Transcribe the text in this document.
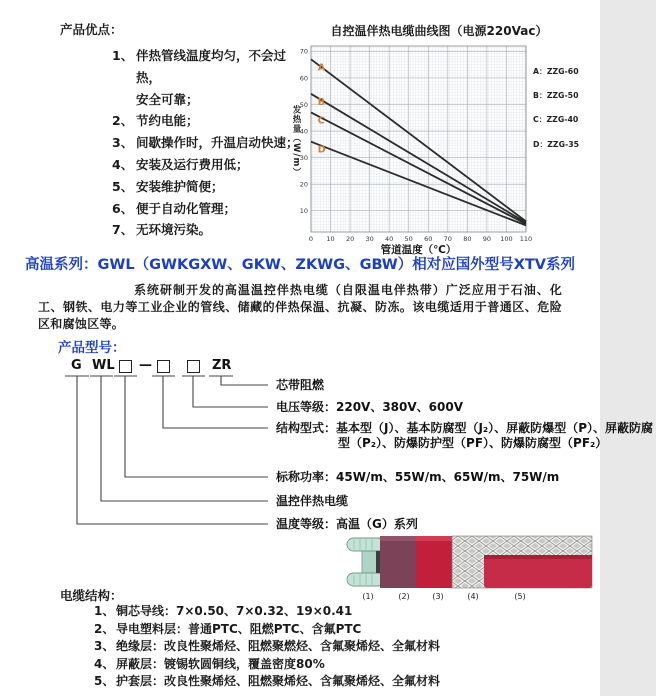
产品优点：
1、 伴热管线温度均匀，不会过热，
安全可靠；
2、 节约电能；
3、 间歇操作时，升温启动快速；
4、 安装及运行费用低；
5、 安装维护简便；
6、 便于自动化管理；
7、 无环境污染。
自控温伴热电缆曲线图（电源220Vac）
发热量（W/m）
A
B
C
D
10
20
30
40
50
60
70
0 10 20 30 40 50 60 70 80 90 100 110
管道温度（℃）
A：ZZG-60
B：ZZG-50
C：ZZG-40
D：ZZG-35
高温系列：GWL（GWKGXW、GKW、ZKWG、GBW）相对应国外型号XTV系列
系统研制开发的高温温控伴热电缆（自限温电伴热带）广泛应用于石油、化工、钢铁、电力等工业企业的管线、储藏的伴热保温、抗凝、防冻。该电缆适用于普通区、危险区和腐蚀区等。
产品型号：
G WL —	ZR
芯带阻燃
电压等级：220V、380V、600V
结构型式：基本型（J）、基本防腐型（J₂）、屏蔽防爆型（P）、屏蔽防腐型（P₂）、防爆防护型（PF）、防爆防腐型（PF₂）
标称功率：45W/m、55W/m、65W/m、75W/m
温控伴热电缆
温度等级：高温（G）系列
(1)	(2)	(3)	(4)	(5)
电缆结构：
1、 铜芯导线：7×0.50、7×0.32、19×0.41
2、 导电塑料层：普通PTC、阻燃PTC、含氟PTC
3、 绝缘层：改良性聚烯烃、阻燃聚燃烃、含氟聚烯烃、全氟材料
4、 屏蔽层：镀锡软圆铜线，覆盖密度80%
5、 护套层：改良性聚烯烃、阻燃聚烯烃、含氟聚烯烃、全氟材料
